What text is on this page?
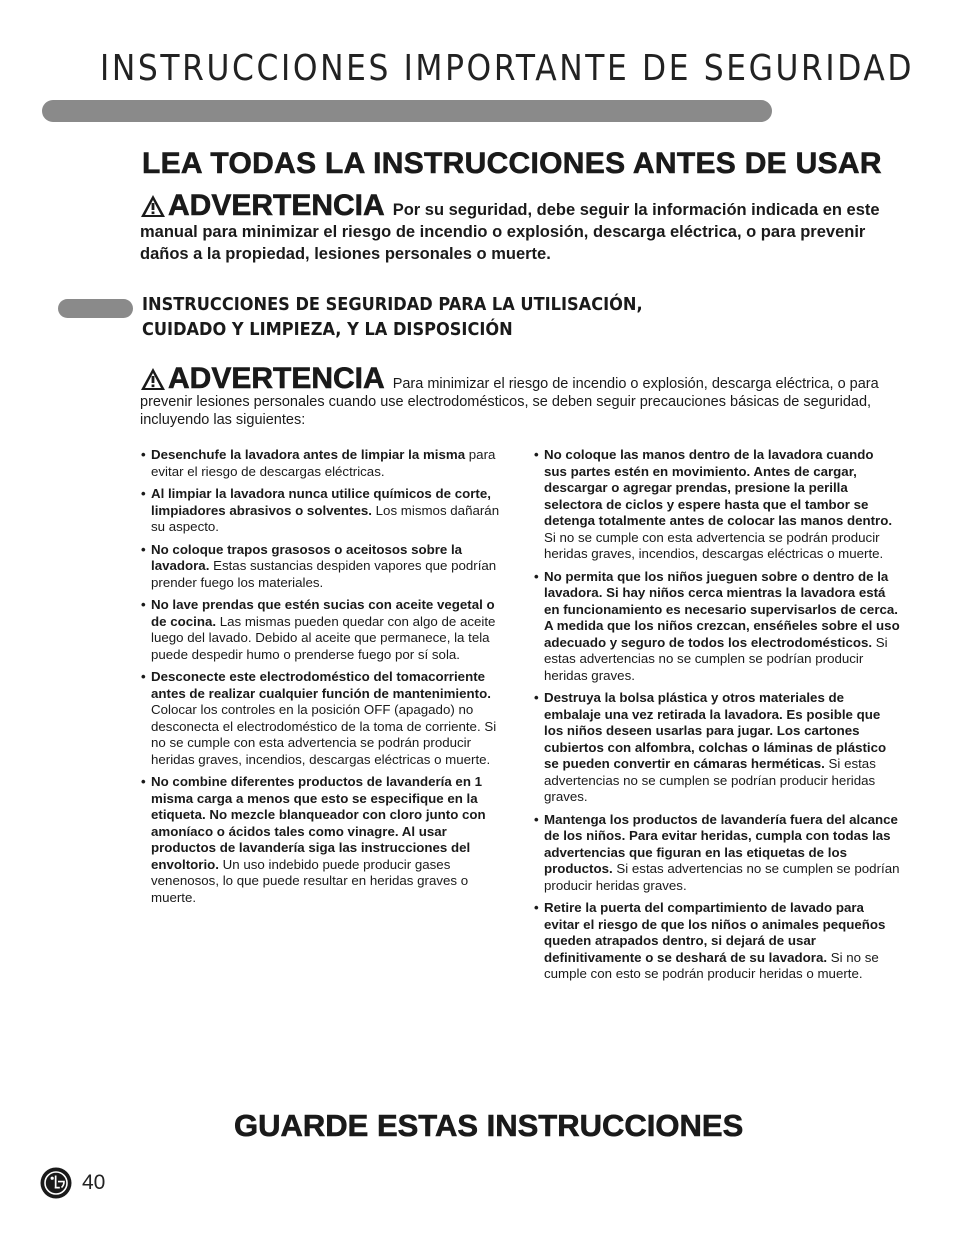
INSTRUCCIONES IMPORTANTE DE SEGURIDAD
LEA TODAS LA INSTRUCCIONES ANTES DE USAR
ADVERTENCIA Por su seguridad, debe seguir la información indicada en este manual para minimizar el riesgo de incendio o explosión, descarga eléctrica, o para prevenir daños a la propiedad, lesiones personales o muerte.
INSTRUCCIONES DE SEGURIDAD PARA LA UTILISACIÓN,
CUIDADO Y LIMPIEZA, Y LA DISPOSICIÓN
ADVERTENCIA Para minimizar el riesgo de incendio o explosión, descarga eléctrica, o para prevenir lesiones personales cuando use electrodomésticos, se deben seguir precauciones básicas de seguridad, incluyendo las siguientes:
• Desenchufe la lavadora antes de limpiar la misma para evitar el riesgo de descargas eléctricas.
• Al limpiar la lavadora nunca utilice químicos de corte, limpiadores abrasivos o solventes. Los mismos dañarán su aspecto.
• No coloque trapos grasosos o aceitosos sobre la lavadora. Estas sustancias despiden vapores que podrían prender fuego los materiales.
• No lave prendas que estén sucias con aceite vegetal o de cocina. Las mismas pueden quedar con algo de aceite luego del lavado. Debido al aceite que permanece, la tela puede despedir humo o prenderse fuego por sí sola.
• Desconecte este electrodoméstico del tomacorriente antes de realizar cualquier función de mantenimiento. Colocar los controles en la posición OFF (apagado) no desconecta el electrodoméstico de la toma de corriente. Si no se cumple con esta advertencia se podrán producir heridas graves, incendios, descargas eléctricas o muerte.
• No combine diferentes productos de lavandería en 1 misma carga a menos que esto se especifique en la etiqueta. No mezcle blanqueador con cloro junto con amoníaco o ácidos tales como vinagre. Al usar productos de lavandería siga las instrucciones del envoltorio. Un uso indebido puede producir gases venenosos, lo que puede resultar en heridas graves o muerte.
• No coloque las manos dentro de la lavadora cuando sus partes estén en movimiento. Antes de cargar, descargar o agregar prendas, presione la perilla selectora de ciclos y espere hasta que el tambor se detenga totalmente antes de colocar las manos dentro. Si no se cumple con esta advertencia se podrán producir heridas graves, incendios, descargas eléctricas o muerte.
• No permita que los niños jueguen sobre o dentro de la lavadora. Si hay niños cerca mientras la lavadora está en funcionamiento es necesario supervisarlos de cerca. A medida que los niños crezcan, enséñeles sobre el uso adecuado y seguro de todos los electrodomésticos. Si estas advertencias no se cumplen se podrían producir heridas graves.
• Destruya la bolsa plástica y otros materiales de embalaje una vez retirada la lavadora. Es posible que los niños deseen usarlas para jugar. Los cartones cubiertos con alfombra, colchas o láminas de plástico se pueden convertir en cámaras herméticas. Si estas advertencias no se cumplen se podrían producir heridas graves.
• Mantenga los productos de lavandería fuera del alcance de los niños. Para evitar heridas, cumpla con todas las advertencias que figuran en las etiquetas de los productos. Si estas advertencias no se cumplen se podrían producir heridas graves.
• Retire la puerta del compartimiento de lavado para evitar el riesgo de que los niños o animales pequeños queden atrapados dentro, si dejará de usar definitivamente o se deshará de su lavadora. Si no se cumple con esto se podrán producir heridas o muerte.
GUARDE ESTAS INSTRUCCIONES
40
